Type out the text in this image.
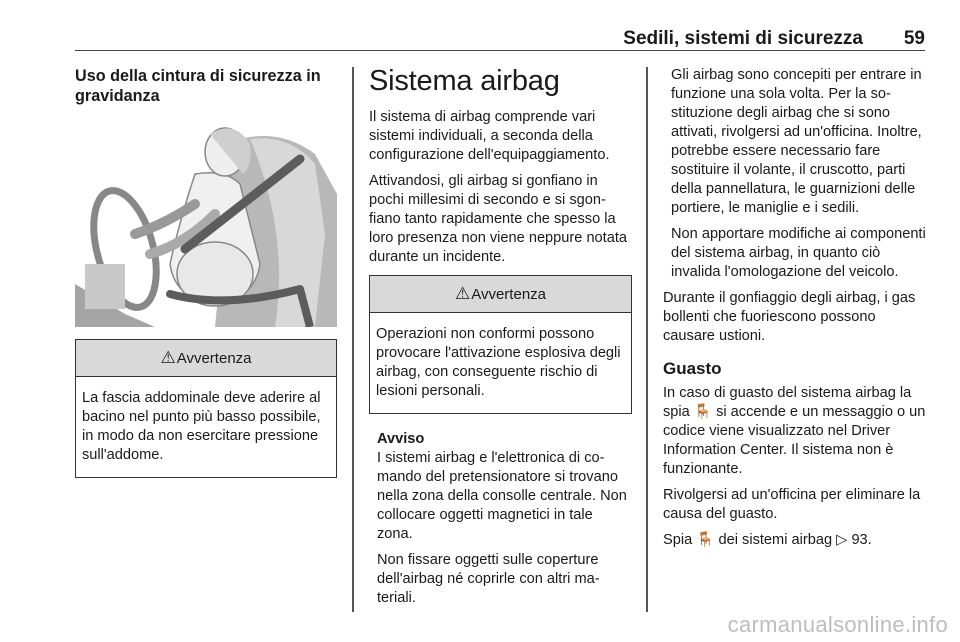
Sedili, sistemi di sicurezza 59
Uso della cintura di sicurezza in gravidanza
⚠ Avvertenza
La fascia addominale deve aderire al bacino nel punto più basso possibile, in modo da non esercitare pressione sull'addome.
Sistema airbag

Il sistema di airbag comprende vari sistemi individuali, a seconda della configurazione dell'equipaggiamento.

Attivandosi, gli airbag si gonfiano in pochi millesimi di secondo e si sgonfiano tanto rapidamente che spesso la loro presenza non viene neppure notata durante un incidente.

⚠ Avvertenza
Operazioni non conformi possono provocare l'attivazione esplosiva degli airbag, con conseguente rischio di lesioni personali.
Avviso

I sistemi airbag e l'elettronica di comando del pretensionatore si trovano nella zona della consolle centrale. Non collocare oggetti magnetici in tale zona.

Non fissare oggetti sulle coperture dell'airbag né coprirle con altri materiali.

Gli airbag sono concepiti per entrare in funzione una sola volta. Per la sostituzione degli airbag che si sono attivati, rivolgersi ad un'officina. Inoltre, potrebbe essere necessario fare sostituire il volante, il cruscotto, parti della pannellatura, le guarnizioni delle portiere, le maniglie e i sedili.

Non apportare modifiche ai componenti del sistema airbag, in quanto ciò invalida l'omologazione del veicolo.

Durante il gonfiaggio degli airbag, i gas bollenti che fuoriescono possono causare ustioni.

Guasto

In caso di guasto del sistema airbag la spia 🪑 si accende e un messaggio o un codice viene visualizzato nel Driver Information Center. Il sistema non è funzionante.

Rivolgersi ad un'officina per eliminare la causa del guasto.

Spia 🪑 dei sistemi airbag ▷ 93.

carmanualsonline.info
